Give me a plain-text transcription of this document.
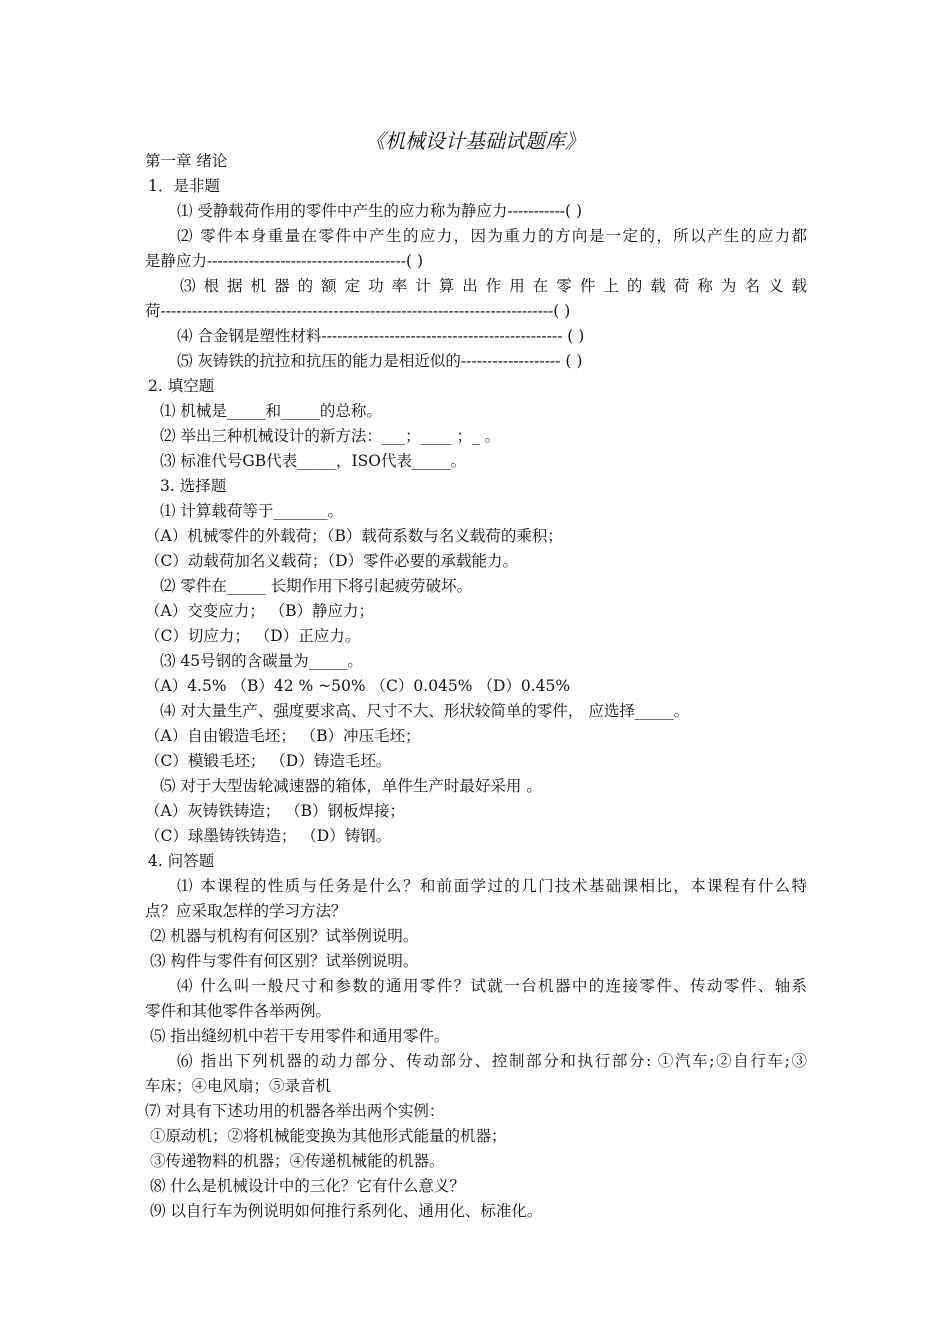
《机械设计基础试题库》
第一章 绪论
1．是非题
⑴ 受静载荷作用的零件中产生的应力称为静应力-----------( )
⑵ 零件本身重量在零件中产生的应力，因为重力的方向是一定的，所以产生的应力都
是静应力--------------------------------------( )
⑶ 根 据 机 器 的 额 定 功 率 计 算 出 作 用 在 零 件 上 的 载 荷 称 为 名 义 载
荷---------------------------------------------------------------------------( )
⑷ 合金钢是塑性材料---------------------------------------------- ( )
⑸ 灰铸铁的抗拉和抗压的能力是相近似的------------------- ( )
2. 填空题
⑴ 机械是_____和_____的总称。
⑵ 举出三种机械设计的新方法：___；____ ；_ 。
⑶ 标准代号GB代表_____，ISO代表_____。
3. 选择题
⑴ 计算载荷等于_______。
（A）机械零件的外载荷；（B）载荷系数与名义载荷的乘积；
（C）动载荷加名义载荷；（D）零件必要的承载能力。
⑵ 零件在_____ 长期作用下将引起疲劳破坏。
（A）交变应力； （B）静应力；
（C）切应力； （D）正应力。
⑶ 45号钢的含碳量为_____。
（A）4.5% （B）42 % ~50% （C）0.045% （D）0.45%
⑷ 对大量生产、强度要求高、尺寸不大、形状较简单的零件， 应选择_____。
（A）自由锻造毛坯； （B）冲压毛坯；
（C）模锻毛坯； （D）铸造毛坯。
⑸ 对于大型齿轮减速器的箱体，单件生产时最好采用 。
（A）灰铸铁铸造； （B）钢板焊接；
（C）球墨铸铁铸造； （D）铸钢。
4. 问答题
⑴ 本课程的性质与任务是什么？和前面学过的几门技术基础课相比，本课程有什么特
点？应采取怎样的学习方法？
⑵ 机器与机构有何区别？试举例说明。
⑶ 构件与零件有何区别？试举例说明。
⑷ 什么叫一般尺寸和参数的通用零件？试就一台机器中的连接零件、传动零件、轴系
零件和其他零件各举两例。
⑸ 指出缝纫机中若干专用零件和通用零件。
⑹ 指出下列机器的动力部分、传动部分、控制部分和执行部分: ①汽车;②自行车;③
车床；④电风扇；⑤录音机
⑺ 对具有下述功用的机器各举出两个实例：
①原动机；②将机械能变换为其他形式能量的机器；
③传递物料的机器；④传递机械能的机器。
⑻ 什么是机械设计中的三化？它有什么意义？
⑼ 以自行车为例说明如何推行系列化、通用化、标准化。
